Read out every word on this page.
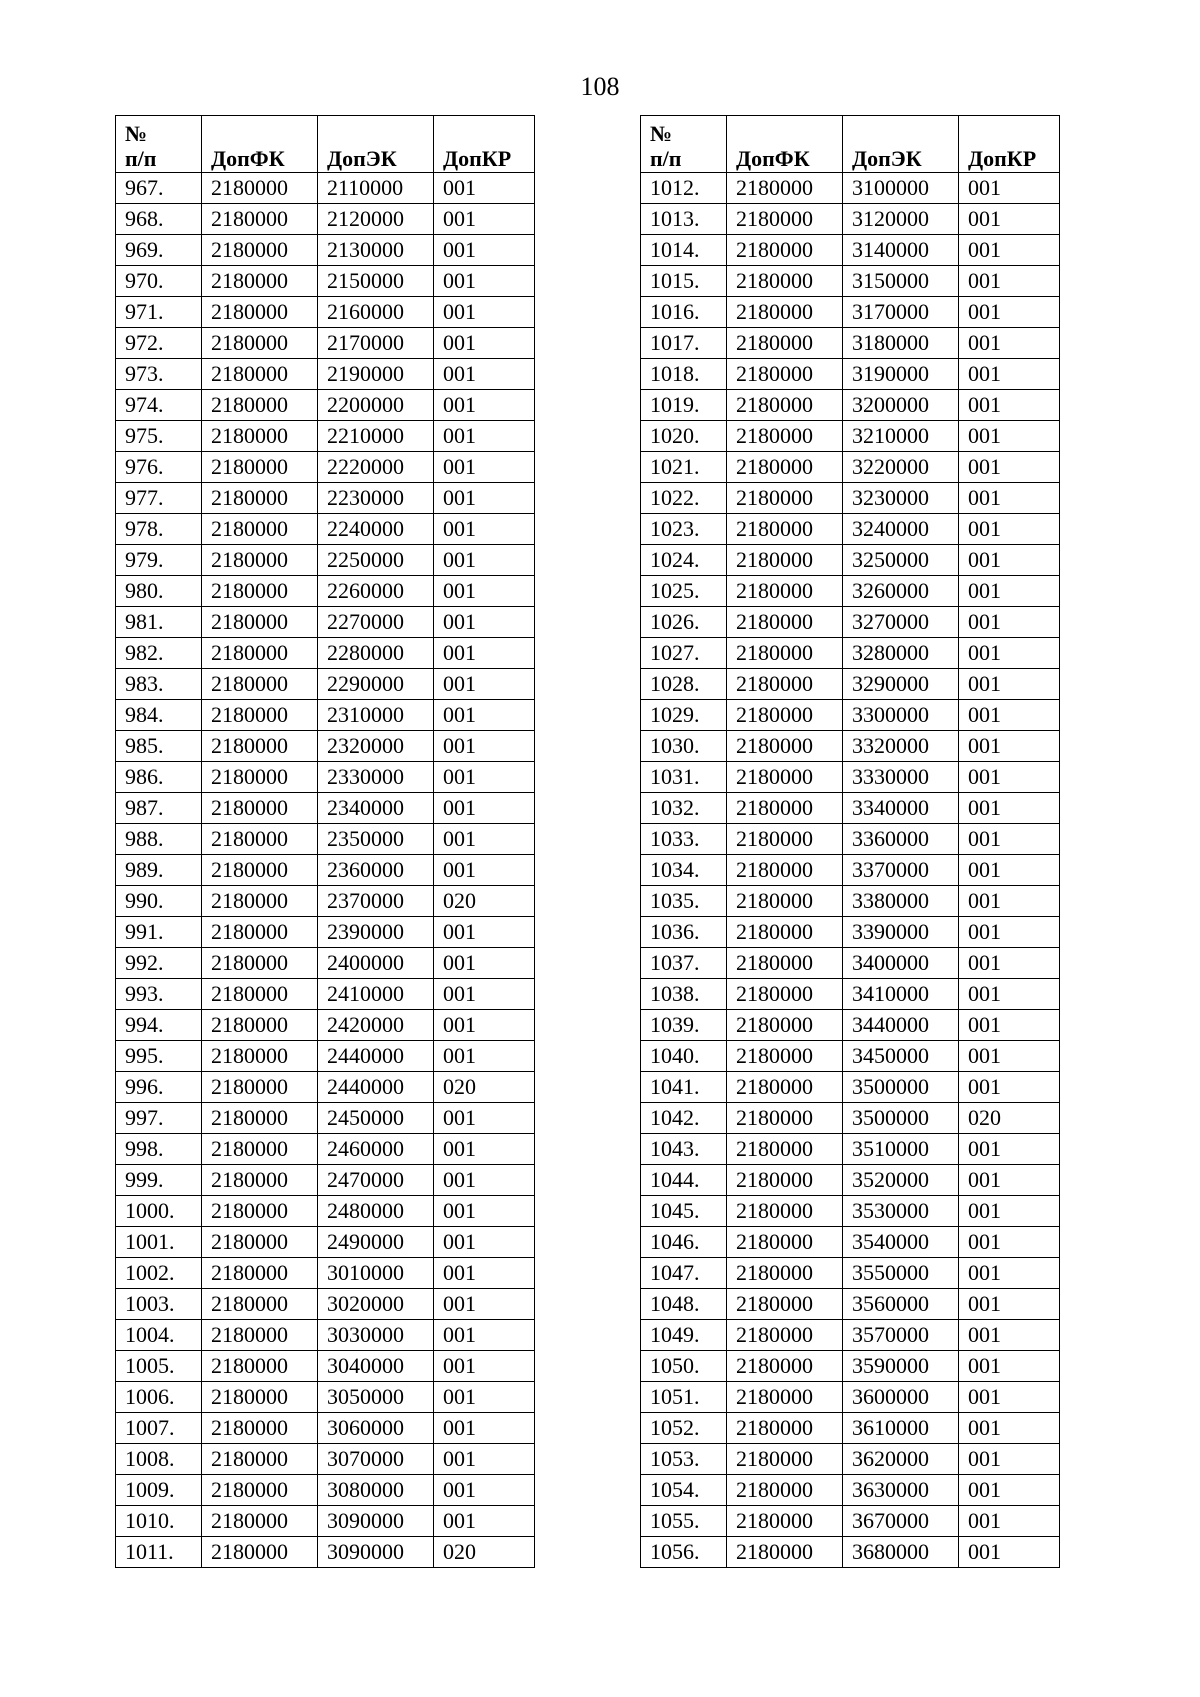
108
№
п/п	ДопФК	ДопЭК	ДопКР
967.	2180000	2110000	001
968.	2180000	2120000	001
969.	2180000	2130000	001
970.	2180000	2150000	001
971.	2180000	2160000	001
972.	2180000	2170000	001
973.	2180000	2190000	001
974.	2180000	2200000	001
975.	2180000	2210000	001
976.	2180000	2220000	001
977.	2180000	2230000	001
978.	2180000	2240000	001
979.	2180000	2250000	001
980.	2180000	2260000	001
981.	2180000	2270000	001
982.	2180000	2280000	001
983.	2180000	2290000	001
984.	2180000	2310000	001
985.	2180000	2320000	001
986.	2180000	2330000	001
987.	2180000	2340000	001
988.	2180000	2350000	001
989.	2180000	2360000	001
990.	2180000	2370000	020
991.	2180000	2390000	001
992.	2180000	2400000	001
993.	2180000	2410000	001
994.	2180000	2420000	001
995.	2180000	2440000	001
996.	2180000	2440000	020
997.	2180000	2450000	001
998.	2180000	2460000	001
999.	2180000	2470000	001
1000.	2180000	2480000	001
1001.	2180000	2490000	001
1002.	2180000	3010000	001
1003.	2180000	3020000	001
1004.	2180000	3030000	001
1005.	2180000	3040000	001
1006.	2180000	3050000	001
1007.	2180000	3060000	001
1008.	2180000	3070000	001
1009.	2180000	3080000	001
1010.	2180000	3090000	001
1011.	2180000	3090000	020
№
п/п	ДопФК	ДопЭК	ДопКР
1012.	2180000	3100000	001
1013.	2180000	3120000	001
1014.	2180000	3140000	001
1015.	2180000	3150000	001
1016.	2180000	3170000	001
1017.	2180000	3180000	001
1018.	2180000	3190000	001
1019.	2180000	3200000	001
1020.	2180000	3210000	001
1021.	2180000	3220000	001
1022.	2180000	3230000	001
1023.	2180000	3240000	001
1024.	2180000	3250000	001
1025.	2180000	3260000	001
1026.	2180000	3270000	001
1027.	2180000	3280000	001
1028.	2180000	3290000	001
1029.	2180000	3300000	001
1030.	2180000	3320000	001
1031.	2180000	3330000	001
1032.	2180000	3340000	001
1033.	2180000	3360000	001
1034.	2180000	3370000	001
1035.	2180000	3380000	001
1036.	2180000	3390000	001
1037.	2180000	3400000	001
1038.	2180000	3410000	001
1039.	2180000	3440000	001
1040.	2180000	3450000	001
1041.	2180000	3500000	001
1042.	2180000	3500000	020
1043.	2180000	3510000	001
1044.	2180000	3520000	001
1045.	2180000	3530000	001
1046.	2180000	3540000	001
1047.	2180000	3550000	001
1048.	2180000	3560000	001
1049.	2180000	3570000	001
1050.	2180000	3590000	001
1051.	2180000	3600000	001
1052.	2180000	3610000	001
1053.	2180000	3620000	001
1054.	2180000	3630000	001
1055.	2180000	3670000	001
1056.	2180000	3680000	001
